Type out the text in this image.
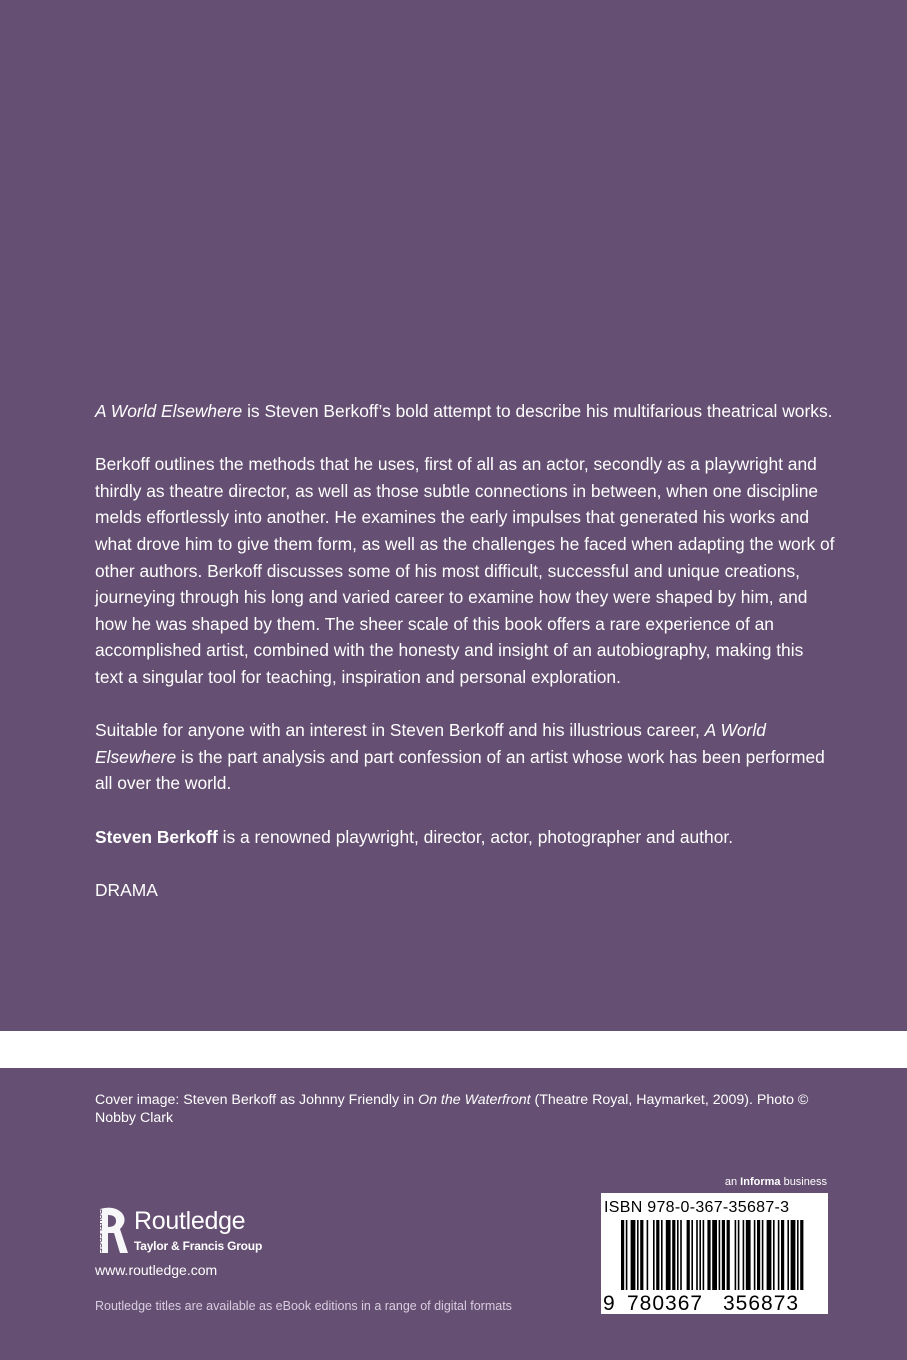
A World Elsewhere is Steven Berkoff’s bold attempt to describe his multifarious theatrical works.

Berkoff outlines the methods that he uses, first of all as an actor, secondly as a playwright and thirdly as theatre director, as well as those subtle connections in between, when one discipline melds effortlessly into another. He examines the early impulses that generated his works and what drove him to give them form, as well as the challenges he faced when adapting the work of other authors. Berkoff discusses some of his most difficult, successful and unique creations, journeying through his long and varied career to examine how they were shaped by him, and how he was shaped by them. The sheer scale of this book offers a rare experience of an accomplished artist, combined with the honesty and insight of an autobiography, making this text a singular tool for teaching, inspiration and personal exploration.

Suitable for anyone with an interest in Steven Berkoff and his illustrious career, A World Elsewhere is the part analysis and part confession of an artist whose work has been performed all over the world.

Steven Berkoff is a renowned playwright, director, actor, photographer and author.

DRAMA

Cover image: Steven Berkoff as Johnny Friendly in On the Waterfront (Theatre Royal, Haymarket, 2009). Photo © Nobby Clark
an Informa business
9 780367 356873
ISBN 978-0-367-35687-3
ROUTLEDGE Routledge
Taylor & Francis Group
www.routledge.com
Routledge titles are available as eBook editions in a range of digital formats
